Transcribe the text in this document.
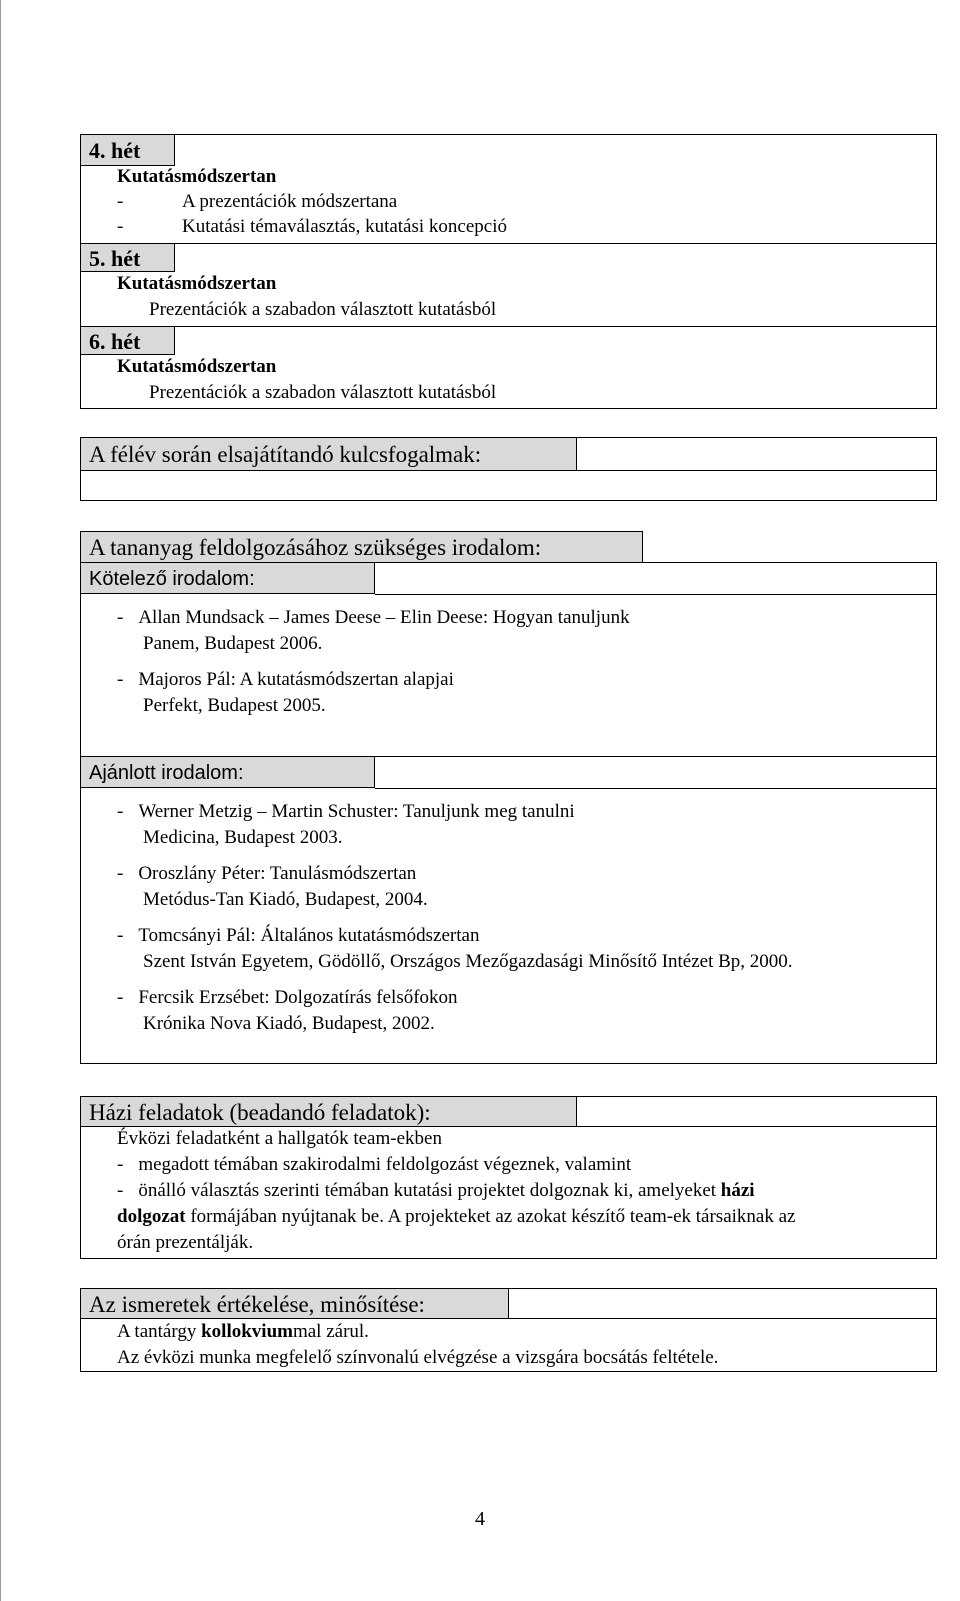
4. hét
Kutatásmódszertan
-	A prezentációk módszertana
-	Kutatási témaválasztás, kutatási koncepció
5. hét
Kutatásmódszertan
Prezentációk a szabadon választott kutatásból
6. hét
Kutatásmódszertan
Prezentációk a szabadon választott kutatásból
A félév során elsajátítandó kulcsfogalmak:
A tananyag feldolgozásához szükséges irodalom:
Kötelező irodalom:
- Allan Mundsack – James Deese – Elin Deese: Hogyan tanuljunk
Panem, Budapest 2006.
- Majoros Pál: A kutatásmódszertan alapjai
Perfekt, Budapest 2005.
Ajánlott irodalom:
- Werner Metzig – Martin Schuster: Tanuljunk meg tanulni
Medicina, Budapest 2003.
- Oroszlány Péter: Tanulásmódszertan
Metódus-Tan Kiadó, Budapest, 2004.
- Tomcsányi Pál: Általános kutatásmódszertan
Szent István Egyetem, Gödöllő, Országos Mezőgazdasági Minősítő Intézet Bp, 2000.
- Fercsik Erzsébet: Dolgozatírás felsőfokon
Krónika Nova Kiadó, Budapest, 2002.
Házi feladatok (beadandó feladatok):
Évközi feladatként a hallgatók team-ekben
- megadott témában szakirodalmi feldolgozást végeznek, valamint
- önálló választás szerinti témában kutatási projektet dolgoznak ki, amelyeket házi
dolgozat formájában nyújtanak be. A projekteket az azokat készítő team-ek társaiknak az
órán prezentálják.
Az ismeretek értékelése, minősítése:
A tantárgy kollokviummal zárul.
Az évközi munka megfelelő színvonalú elvégzése a vizsgára bocsátás feltétele.
4
